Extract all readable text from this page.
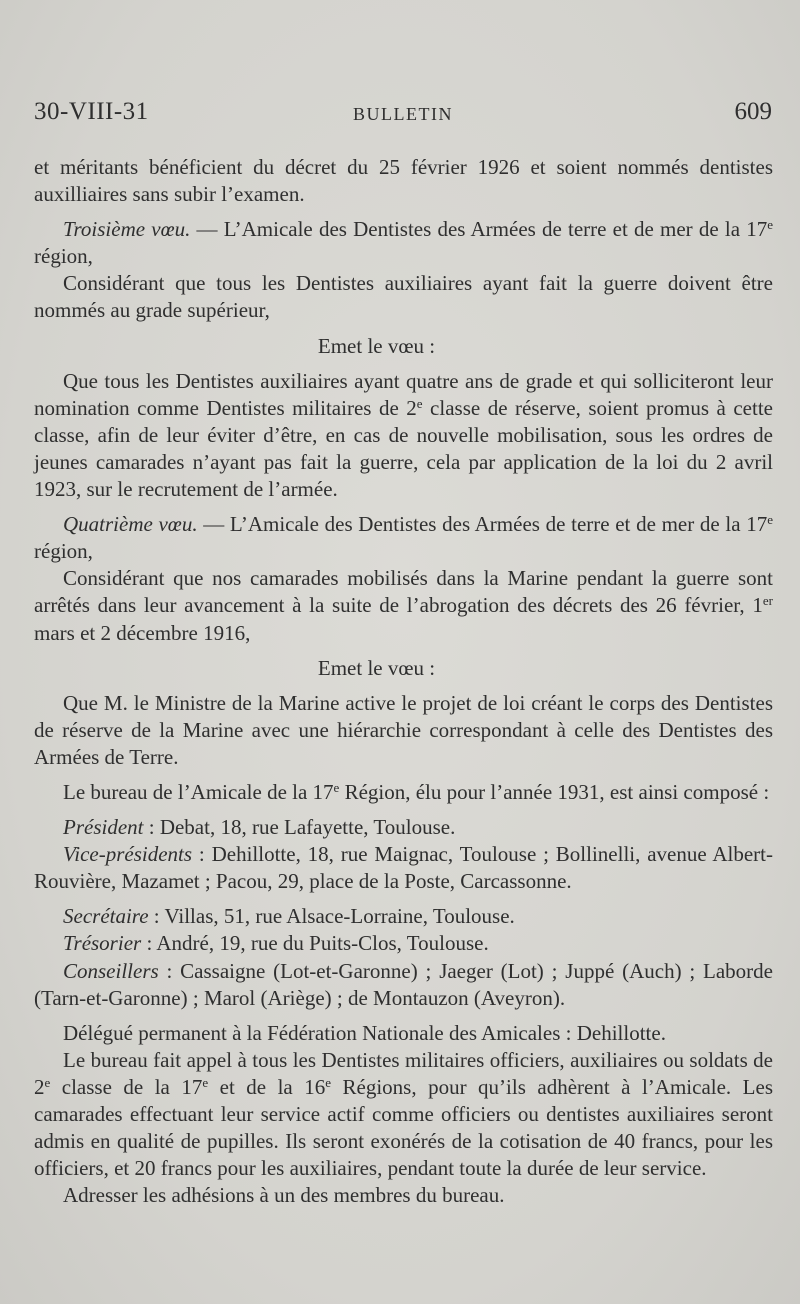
30-VIII-31	BULLETIN	609

et méritants bénéficient du décret du 25 février 1926 et soient nommés dentistes auxilliaires sans subir l’examen.

Troisième vœu. — L’Amicale des Dentistes des Armées de terre et de mer de la 17e région,

Considérant que tous les Dentistes auxiliaires ayant fait la guerre doivent être nommés au grade supérieur,

Emet le vœu :

Que tous les Dentistes auxiliaires ayant quatre ans de grade et qui solliciteront leur nomination comme Dentistes militaires de 2e classe de réserve, soient promus à cette classe, afin de leur éviter d’être, en cas de nouvelle mobilisation, sous les ordres de jeunes camarades n’ayant pas fait la guerre, cela par application de la loi du 2 avril 1923, sur le recrutement de l’armée.

Quatrième vœu. — L’Amicale des Dentistes des Armées de terre et de mer de la 17e région,

Considérant que nos camarades mobilisés dans la Marine pendant la guerre sont arrêtés dans leur avancement à la suite de l’abrogation des décrets des 26 février, 1er mars et 2 décembre 1916,

Emet le vœu :

Que M. le Ministre de la Marine active le projet de loi créant le corps des Dentistes de réserve de la Marine avec une hiérarchie correspondant à celle des Dentistes des Armées de Terre.

Le bureau de l’Amicale de la 17e Région, élu pour l’année 1931, est ainsi composé :

Président : Debat, 18, rue Lafayette, Toulouse.

Vice-présidents : Dehillotte, 18, rue Maignac, Toulouse ; Bollinelli, avenue Albert-Rouvière, Mazamet ; Pacou, 29, place de la Poste, Carcassonne.

Secrétaire : Villas, 51, rue Alsace-Lorraine, Toulouse.

Trésorier : André, 19, rue du Puits-Clos, Toulouse.

Conseillers : Cassaigne (Lot-et-Garonne) ; Jaeger (Lot) ; Juppé (Auch) ; Laborde (Tarn-et-Garonne) ; Marol (Ariège) ; de Montauzon (Aveyron).

Délégué permanent à la Fédération Nationale des Amicales : Dehillotte.

Le bureau fait appel à tous les Dentistes militaires officiers, auxiliaires ou soldats de 2e classe de la 17e et de la 16e Régions, pour qu’ils adhèrent à l’Amicale. Les camarades effectuant leur service actif comme officiers ou dentistes auxiliaires seront admis en qualité de pupilles. Ils seront exonérés de la cotisation de 40 francs, pour les officiers, et 20 francs pour les auxiliaires, pendant toute la durée de leur service.

Adresser les adhésions à un des membres du bureau.
